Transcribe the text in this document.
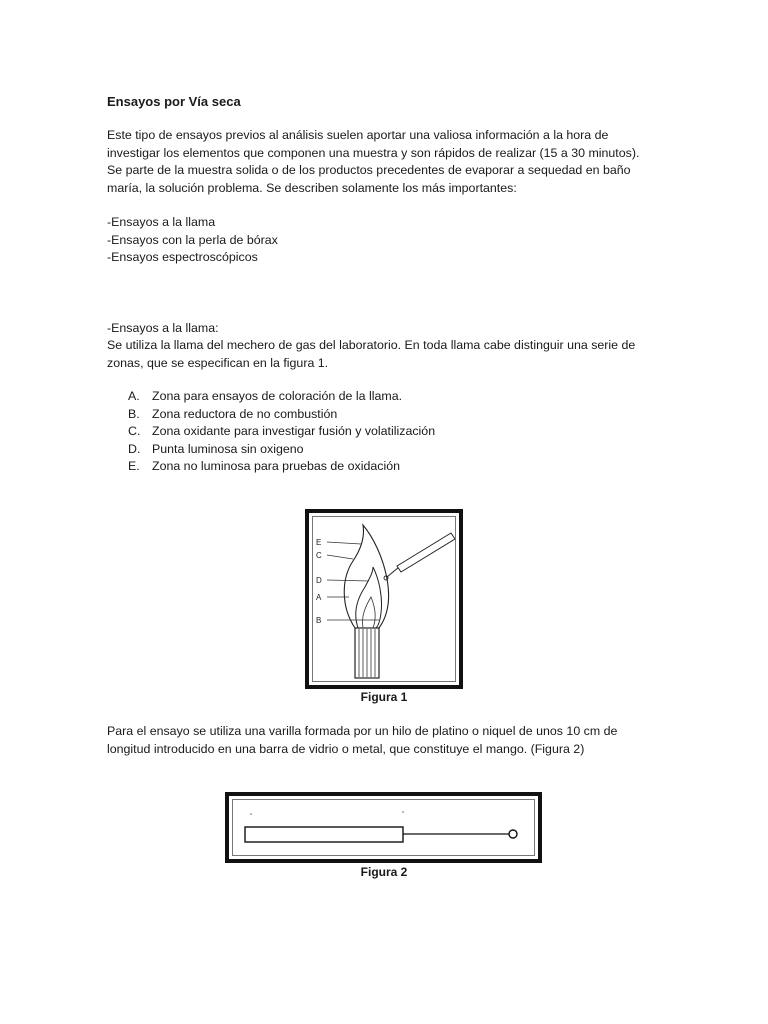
Ensayos por Vía seca
Este tipo de ensayos previos al análisis suelen aportar una valiosa información a la hora de
investigar los elementos que componen una muestra y son rápidos de realizar (15 a 30 minutos).
Se parte de la muestra solida o de los productos precedentes de evaporar a sequedad en baño
maría, la solución problema. Se describen solamente los más importantes:
-Ensayos a la llama
-Ensayos con la perla de bórax
-Ensayos espectroscópicos
-Ensayos a la llama:
Se utiliza la llama del mechero de gas del laboratorio. En toda llama cabe distinguir una serie de
zonas, que se especifican en la figura 1.
A. Zona para ensayos de coloración de la llama.
B. Zona reductora de no combustión
C. Zona oxidante para investigar fusión y volatilización
D. Punta luminosa sin oxigeno
E. Zona no luminosa para pruebas de oxidación
E
C
D
A
B
Figura 1
Para el ensayo se utiliza una varilla formada por un hilo de platino o niquel de unos 10 cm de
longitud introducido en una barra de vidrio o metal, que constituye el mango. (Figura 2)
Figura 2
